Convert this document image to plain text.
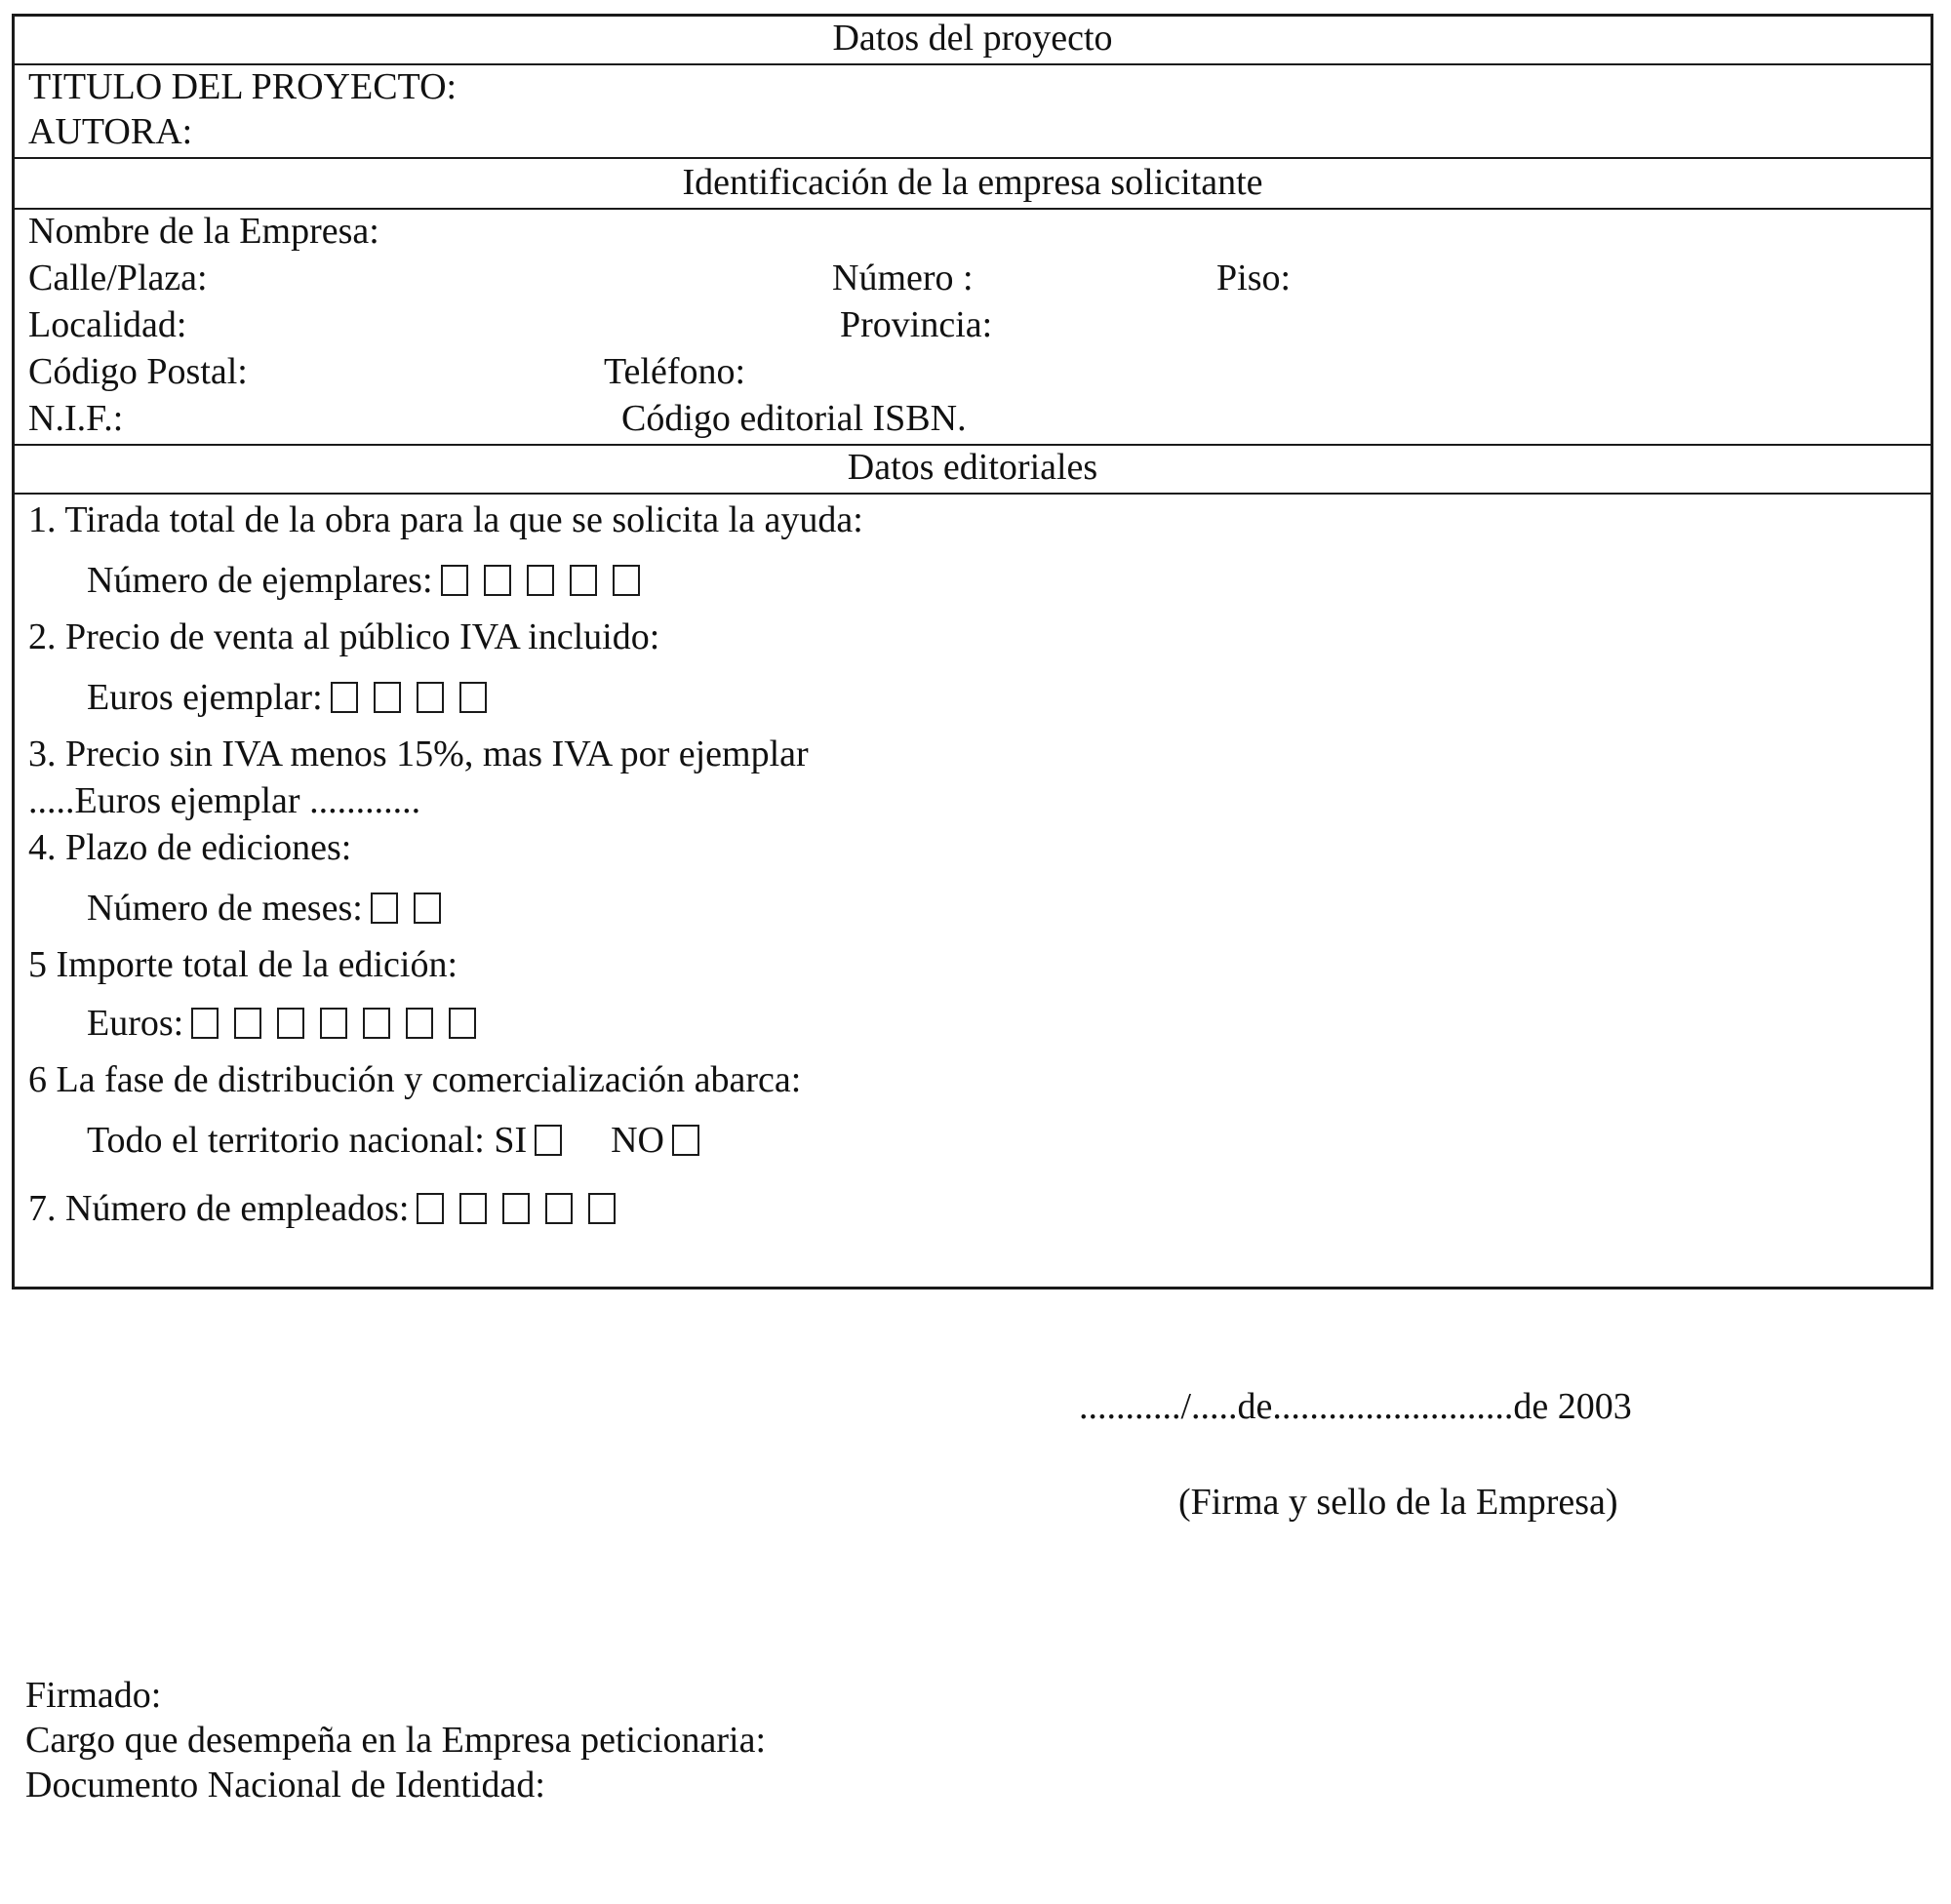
Datos del proyecto
TITULO DEL PROYECTO:
AUTORA:
Identificación de la empresa solicitante
Nombre de la Empresa:
Calle/Plaza:	Número :	Piso:
Localidad:	Provincia:
Código Postal:	Teléfono:
N.I.F.:	Código editorial ISBN.
Datos editoriales
1. Tirada total de la obra para la que se solicita la ayuda:
Número de ejemplares:
2. Precio de venta al público IVA incluido:
Euros ejemplar:
3. Precio sin IVA menos 15%, mas IVA por ejemplar
.....Euros ejemplar ............
4. Plazo de ediciones:
Número de meses:
5 Importe total de la edición:
Euros:
6 La fase de distribución y comercialización abarca:
Todo el territorio nacional: SI NO
7. Número de empleados:
.........../.....de..........................de 2003
(Firma y sello de la Empresa)
Firmado:
Cargo que desempeña en la Empresa peticionaria:
Documento Nacional de Identidad:
